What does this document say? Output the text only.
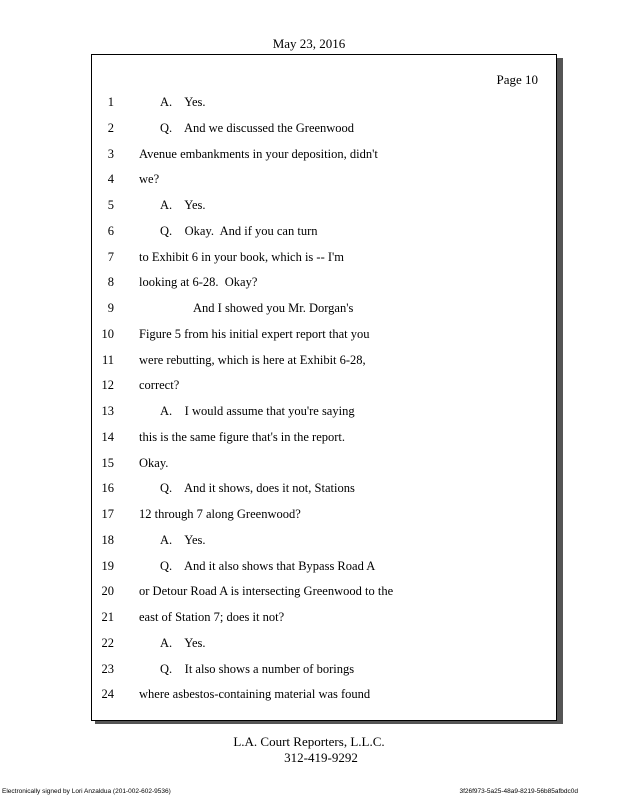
May 23, 2016
Page 10
1	A.    Yes.
2	Q.    And we discussed the Greenwood
3 Avenue embankments in your deposition, didn't
4 we?
5	A.    Yes.
6	Q.    Okay.  And if you can turn
7 to Exhibit 6 in your book, which is -- I'm
8 looking at 6-28.  Okay?
9	And I showed you Mr. Dorgan's
10 Figure 5 from his initial expert report that you
11 were rebutting, which is here at Exhibit 6-28,
12 correct?
13	A.    I would assume that you're saying
14 this is the same figure that's in the report.
15 Okay.
16	Q.    And it shows, does it not, Stations
17 12 through 7 along Greenwood?
18	A.    Yes.
19	Q.    And it also shows that Bypass Road A
20 or Detour Road A is intersecting Greenwood to the
21 east of Station 7; does it not?
22	A.    Yes.
23	Q.    It also shows a number of borings
24 where asbestos-containing material was found
L.A. Court Reporters, L.L.C.
312-419-9292
Electronically signed by Lori Anzaldua (201-002-602-9536)	3f26f973-5a25-48a9-8219-56b85afbdc0d
